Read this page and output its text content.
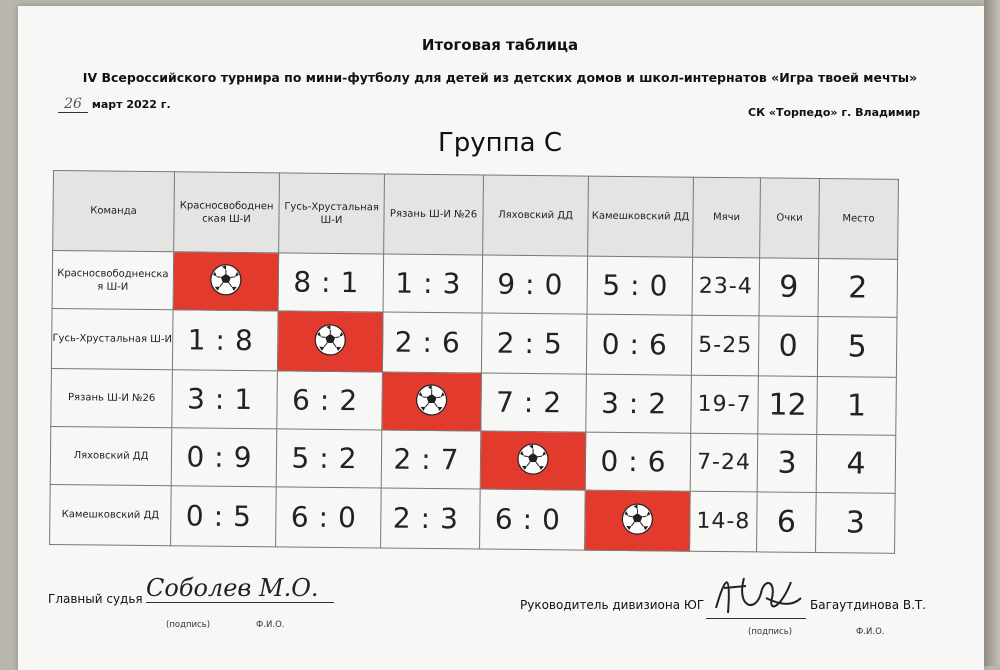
Итоговая таблица
IV Всероссийского турнира по мини-футболу для детей из детских домов и школ-интернатов «Игра твоей мечты»
26 март 2022 г.
СК «Торпедо» г. Владимир
Группа С
Команда	Красносвободнен ская Ш-И	Гусь-Хрустальная Ш-И	Рязань Ш-И №26	Ляховский ДД	Камешковский ДД	Мячи	Очки	Место
Красносвободненска я Ш-И		8:1	1:3	9:0	5:0	23-4	9	2
Гусь-Хрустальная Ш-И	1:8		2:6	2:5	0:6	5-25	0	5
Рязань Ш-И №26	3:1	6:2		7:2	3:2	19-7	12	1
Ляховский ДД	0:9	5:2	2:7		0:6	7-24	3	4
Камешковский ДД	0:5	6:0	2:3	6:0		14-8	6	3
Главный судья Соболев М.О.
(подпись)	Ф.И.О.
Руководитель дивизиона ЮГ	Багаутдинова В.Т.
(подпись)	Ф.И.О.
